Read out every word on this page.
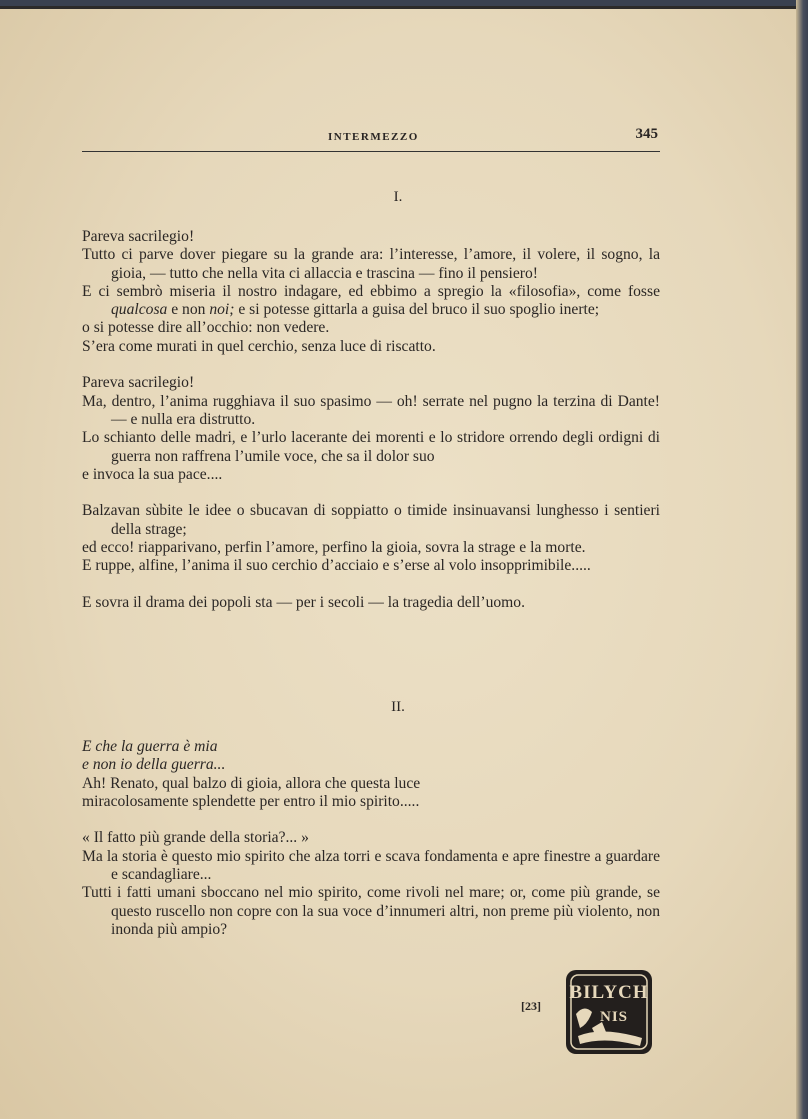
INTERMEZZO	345
I.

Pareva sacrilegio!

Tutto ci parve dover piegare su la grande ara: l’interesse, l’amore, il volere, il sogno, la gioia, — tutto che nella vita ci allaccia e trascina — fino il pensiero!

E ci sembrò miseria il nostro indagare, ed ebbimo a spregio la «filosofia», come fosse qualcosa e non noi; e si potesse gittarla a guisa del bruco il suo spoglio inerte;

o si potesse dire all’occhio: non vedere.

S’era come murati in quel cerchio, senza luce di riscatto.

Pareva sacrilegio!

Ma, dentro, l’anima rugghiava il suo spasimo — oh! serrate nel pugno la terzina di Dante! — e nulla era distrutto.

Lo schianto delle madri, e l’urlo lacerante dei morenti e lo stridore orrendo degli ordigni di guerra non raffrena l’umile voce, che sa il dolor suo

e invoca la sua pace....

Balzavan sùbite le idee o sbucavan di soppiatto o timide insinuavansi lunghesso i sentieri della strage;

ed ecco! riapparivano, perfin l’amore, perfino la gioia, sovra la strage e la morte.

E ruppe, alfine, l’anima il suo cerchio d’acciaio e s’erse al volo insopprimibile.....

E sovra il drama dei popoli sta — per i secoli — la tragedia dell’uomo.

II.

E che la guerra è mia

e non io della guerra...

Ah! Renato, qual balzo di gioia, allora che questa luce

miracolosamente splendette per entro il mio spirito.....

« Il fatto più grande della storia?... »

Ma la storia è questo mio spirito che alza torri e scava fondamenta e apre finestre a guardare e scandagliare...

Tutti i fatti umani sboccano nel mio spirito, come rivoli nel mare; or, come più grande, se questo ruscello non copre con la sua voce d’innumeri altri, non preme più violento, non inonda più ampio?

[23]
BILYCH
NIS
